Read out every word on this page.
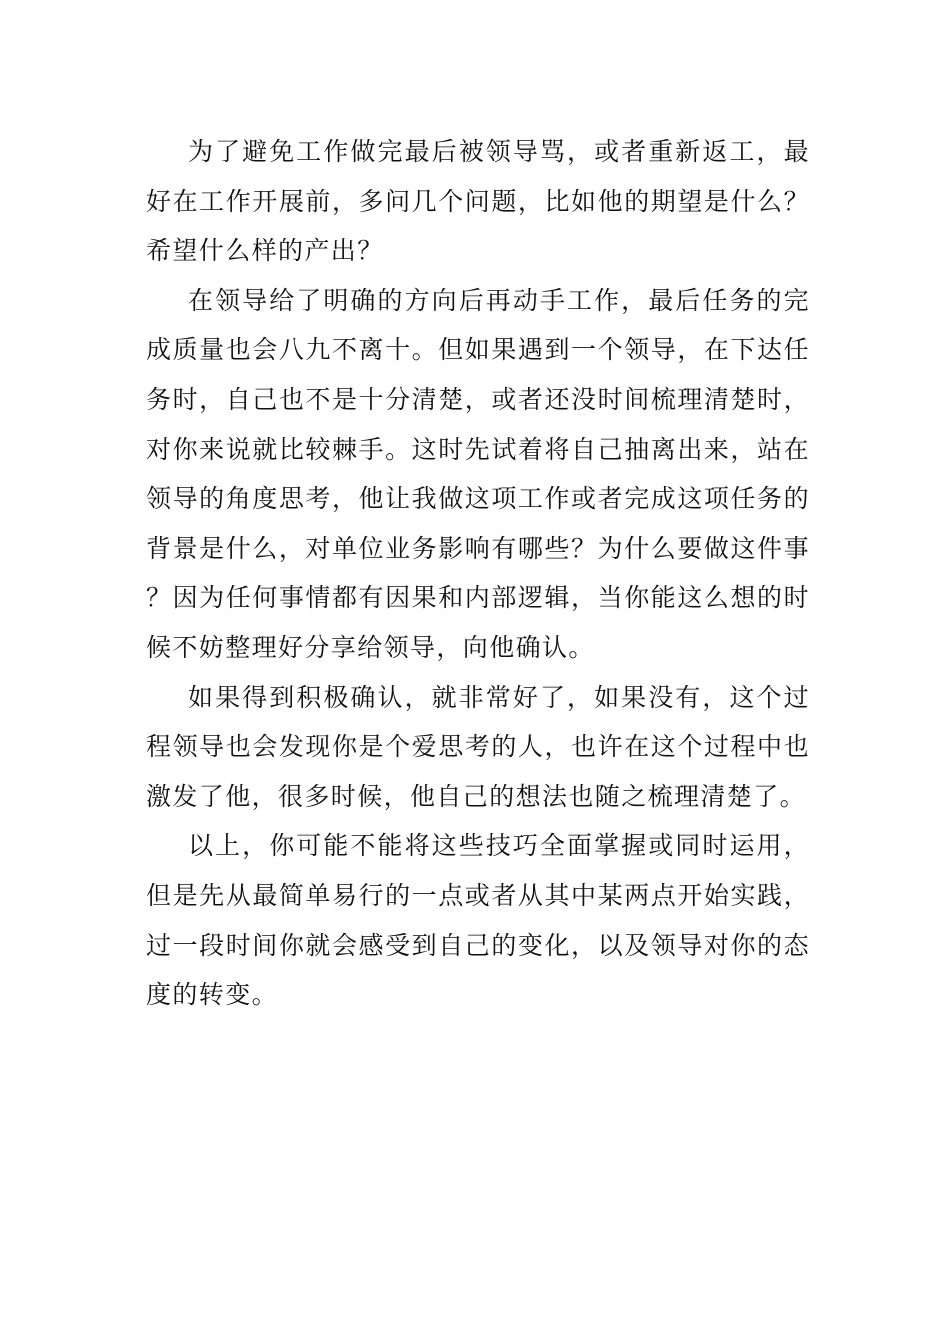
为了避免工作做完最后被领导骂，或者重新返工，最好在工作开展前，多问几个问题，比如他的期望是什么？希望什么样的产出？

在领导给了明确的方向后再动手工作，最后任务的完成质量也会八九不离十。但如果遇到一个领导，在下达任务时，自己也不是十分清楚，或者还没时间梳理清楚时，对你来说就比较棘手。这时先试着将自己抽离出来，站在领导的角度思考，他让我做这项工作或者完成这项任务的背景是什么，对单位业务影响有哪些？为什么要做这件事？因为任何事情都有因果和内部逻辑，当你能这么想的时候不妨整理好分享给领导，向他确认。

如果得到积极确认，就非常好了，如果没有，这个过程领导也会发现你是个爱思考的人，也许在这个过程中也激发了他，很多时候，他自己的想法也随之梳理清楚了。

以上，你可能不能将这些技巧全面掌握或同时运用，但是先从最简单易行的一点或者从其中某两点开始实践，过一段时间你就会感受到自己的变化，以及领导对你的态度的转变。
